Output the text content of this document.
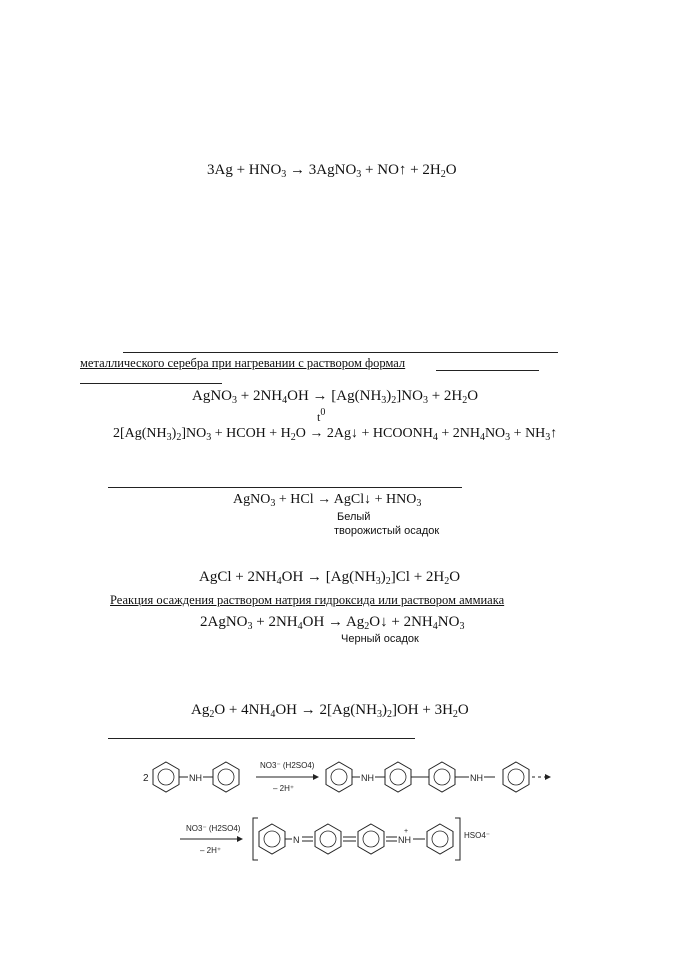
$3Ag + HNO_3$ → 3AgNO$_3$ + NO↑ + $2H_2O$
металлического серебра при нагревании с раствором формал
AgNO$_3$ + $2NH_4OH \to [Ag(NH_3)_2]NO_3 + 2H_2O$
$t^0$
$2[Ag(NH_3)_2]NO_3$ + HCOH + $H_2O$ → 2Ag↓ + $HCOONH_4 + 2NH_4NO_3$ + $NH_3↑$
AgNO$_3$ + HCl → AgCl↓ + $HNO_3$
Белый
творожистый осадок
AgCl + $2NH_4OH \to [Ag(NH_3)_2]Cl + 2H_2O$
Реакция осаждения раствором натрия гидроксида или раствором аммиака
2AgNO$_3$ + $2NH_4OH$ → $Ag_2O↓ + 2NH_4NO_3$
Черный осадок
$Ag_2O + 4NH_4OH \to 2[Ag(NH_3)_2]OH + 3H_2O$
2	NH
NO3⁻ (H2SO4)
– 2H⁺
NH	NH
NO3⁻ (H2SO4)
– 2H⁺
N	NH
+	HSO4⁻
